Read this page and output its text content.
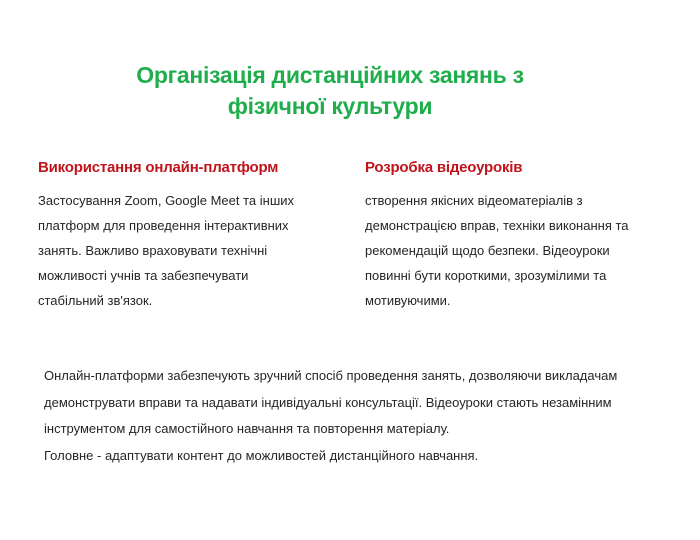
Організація дистанційних занянь з
фізичної культури
Використання онлайн-платформ
Застосування Zoom, Google Meet та інших
платформ для проведення інтерактивних
занять. Важливо враховувати технічні
можливості учнів та забезпечувати
стабільний зв'язок.
Розробка відеоуроків
створення якісних відеоматеріалів з
демонстрацією вправ, техніки виконання та
рекомендацій щодо безпеки. Відеоуроки
повинні бути короткими, зрозумілими та
мотивуючими.
Онлайн-платформи забезпечують зручний спосіб проведення занять, дозволяючи викладачам
демонструвати вправи та надавати індивідуальні консультації. Відеоуроки стають незамінним
інструментом для самостійного навчання та повторення матеріалу.
Головне - адаптувати контент до можливостей дистанційного навчання.
